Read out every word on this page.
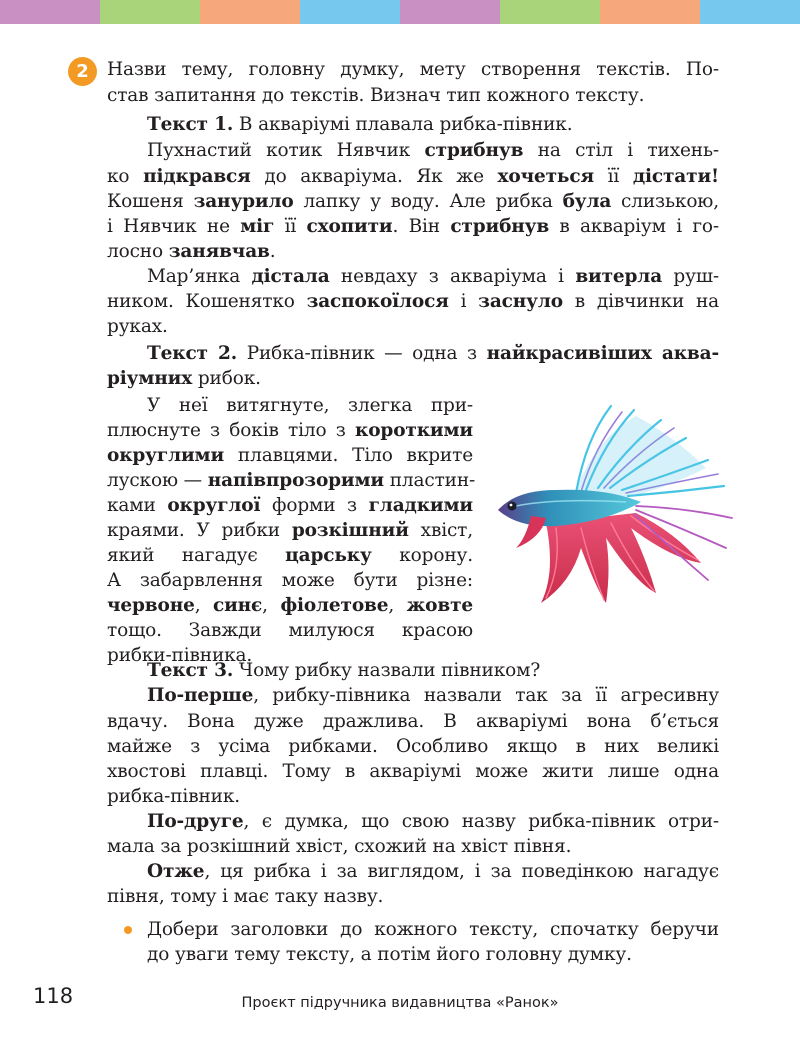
2 Назви тему, головну думку, мету створення текстів. По-
став запитання до текстів. Визнач тип кожного тексту.
Текст 1. В акваріумі плавала рибка-півник.
Пухнастий котик Нявчик стрибнув на стіл і тихень-
ко підкрався до акваріума. Як же хочеться її дістати!
Кошеня занурило лапку у воду. Але рибка була слизькою,
і Нявчик не міг її схопити. Він стрибнув в акваріум і го-
лосно занявчав.
Мар’янка дістала невдаху з акваріума і витерла руш-
ником. Кошенятко заспокоїлося і заснуло в дівчинки на
руках.
Текст 2. Рибка-півник — одна з найкрасивіших аква-
ріумних рибок.
У неї витягнуте, злегка при-
плюснуте з боків тіло з короткими
округлими плавцями. Тіло вкрите
лускою — напівпрозорими пластин-
ками округлої форми з гладкими
краями. У рибки розкішний хвіст,
який нагадує царську корону.
А забарвлення може бути різне:
червоне, синє, фіолетове, жовте
тощо. Завжди милуюся красою
рибки-півника.
Текст 3. Чому рибку назвали півником?
По-перше, рибку-півника назвали так за її агресивну
вдачу. Вона дуже дражлива. В акваріумі вона б’ється
майже з усіма рибками. Особливо якщо в них великі
хвостові плавці. Тому в акваріумі може жити лише одна
рибка-півник.
По-друге, є думка, що свою назву рибка-півник отри-
мала за розкішний хвіст, схожий на хвіст півня.
Отже, ця рибка і за виглядом, і за поведінкою нагадує
півня, тому і має таку назву.
Добери заголовки до кожного тексту, спочатку беручи
до уваги тему тексту, а потім його головну думку.
118	Проєкт підручника видавництва «Ранок»
